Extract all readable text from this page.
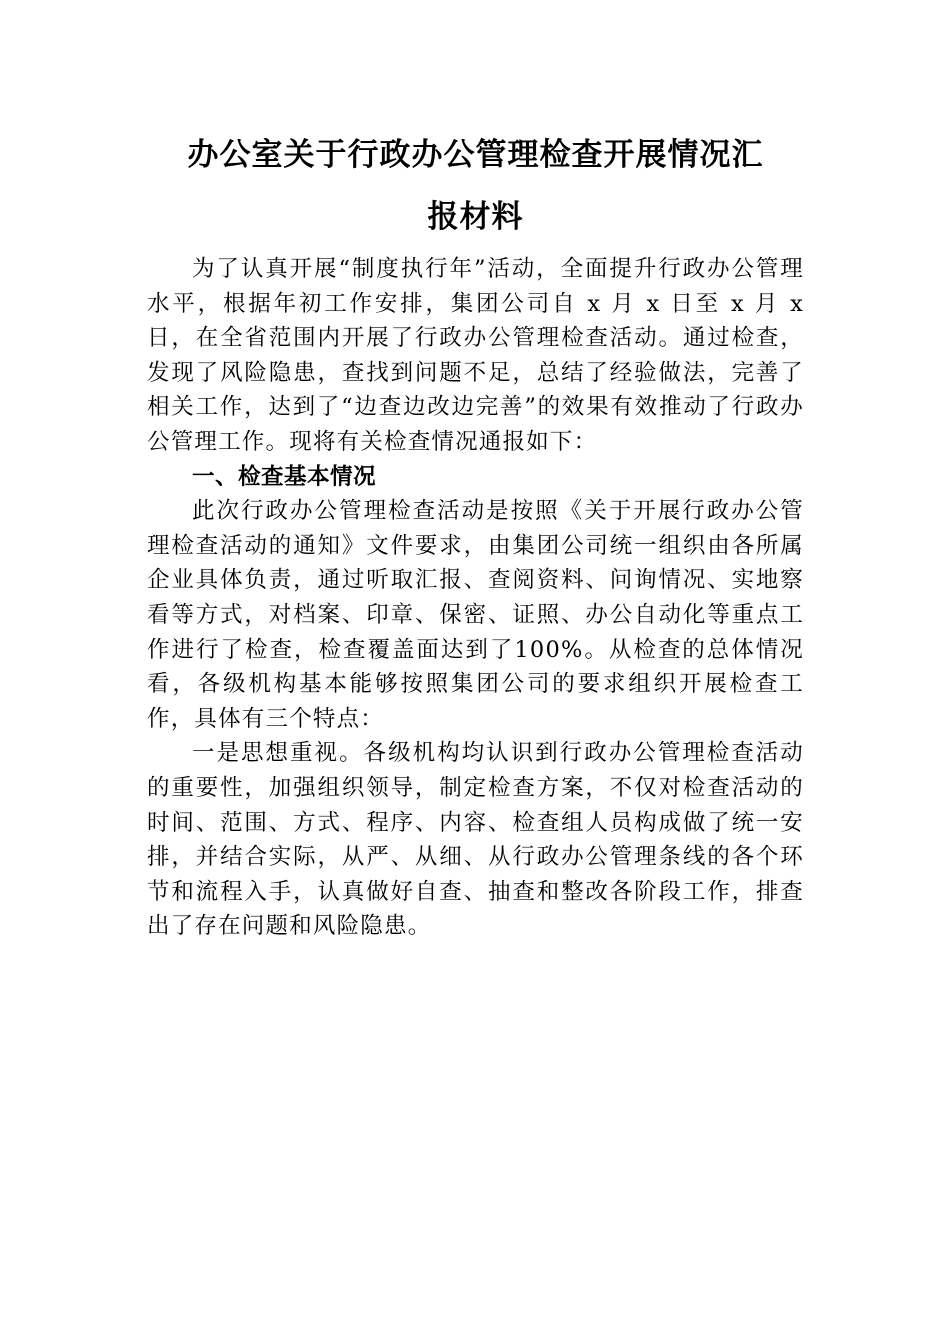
办公室关于行政办公管理检查开展情况汇
报材料

为了认真开展“制度执行年”活动，全面提升行政办公管理水平，根据年初工作安排，集团公司自 x 月 x 日至 x 月 x 日，在全省范围内开展了行政办公管理检查活动。通过检查，发现了风险隐患，查找到问题不足，总结了经验做法，完善了相关工作，达到了“边查边改边完善”的效果有效推动了行政办公管理工作。现将有关检查情况通报如下：

一、检查基本情况

此次行政办公管理检查活动是按照《关于开展行政办公管理检查活动的通知》文件要求，由集团公司统一组织由各所属企业具体负责，通过听取汇报、查阅资料、问询情况、实地察看等方式，对档案、印章、保密、证照、办公自动化等重点工作进行了检查，检查覆盖面达到了100%。从检查的总体情况看，各级机构基本能够按照集团公司的要求组织开展检查工作，具体有三个特点：

一是思想重视。各级机构均认识到行政办公管理检查活动的重要性，加强组织领导，制定检查方案，不仅对检查活动的时间、范围、方式、程序、内容、检查组人员构成做了统一安排，并结合实际，从严、从细、从行政办公管理条线的各个环节和流程入手，认真做好自查、抽查和整改各阶段工作，排查出了存在问题和风险隐患。
